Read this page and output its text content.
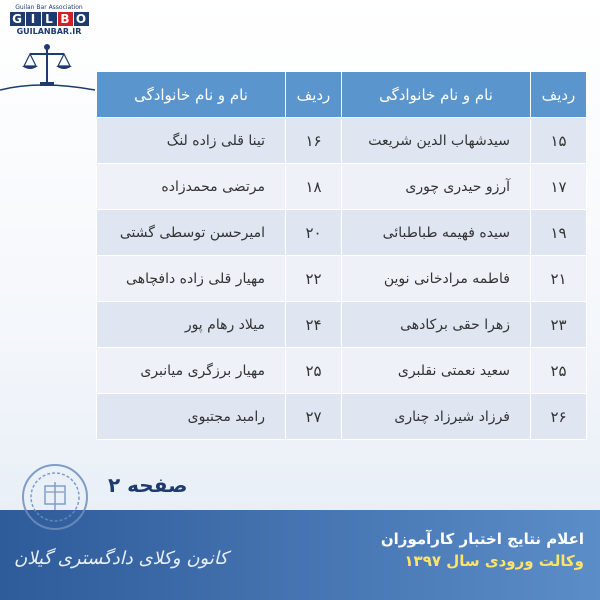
Guilan Bar Association
G I L B O
GUILANBAR.IR
ردیف	نام و نام خانوادگی	ردیف	نام و نام خانوادگی
۱۵	سیدشهاب الدین شریعت	۱۶	تینا قلی زاده لنگ
۱۷	آرزو حیدری چوری	۱۸	مرتضی محمدزاده
۱۹	سیده فهیمه طباطبائی	۲۰	امیرحسن توسطی گشتی
۲۱	فاطمه مرادخانی نوین	۲۲	مهیار قلی زاده دافچاهی
۲۳	زهرا حقی برکادهی	۲۴	میلاد رهام پور
۲۵	سعید نعمتی نقلبری	۲۵	مهیار برزگری میانبری
۲۶	فرزاد شیرزاد چناری	۲۷	رامبد مجتبوی
صفحه ۲
کانون وکلای دادگستری گیلان
اعلام نتایج اختبار کارآموزان
وکالت ورودی سال ۱۳۹۷
